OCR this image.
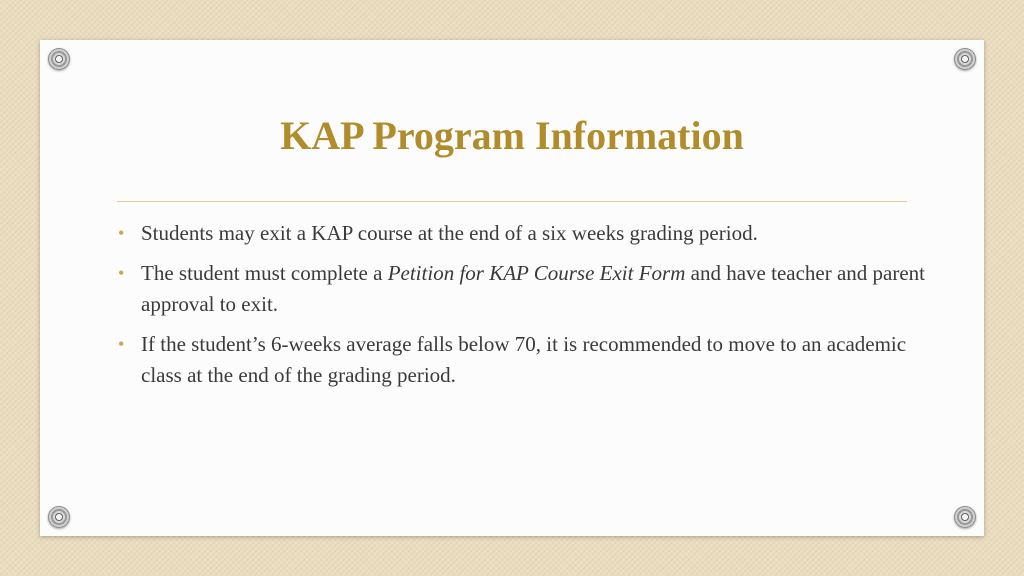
KAP Program Information
• Students may exit a KAP course at the end of a six weeks grading period.
• The student must complete a Petition for KAP Course Exit Form and have teacher and parent approval to exit.
• If the student’s 6-weeks average falls below 70, it is recommended to move to an academic class at the end of the grading period.
